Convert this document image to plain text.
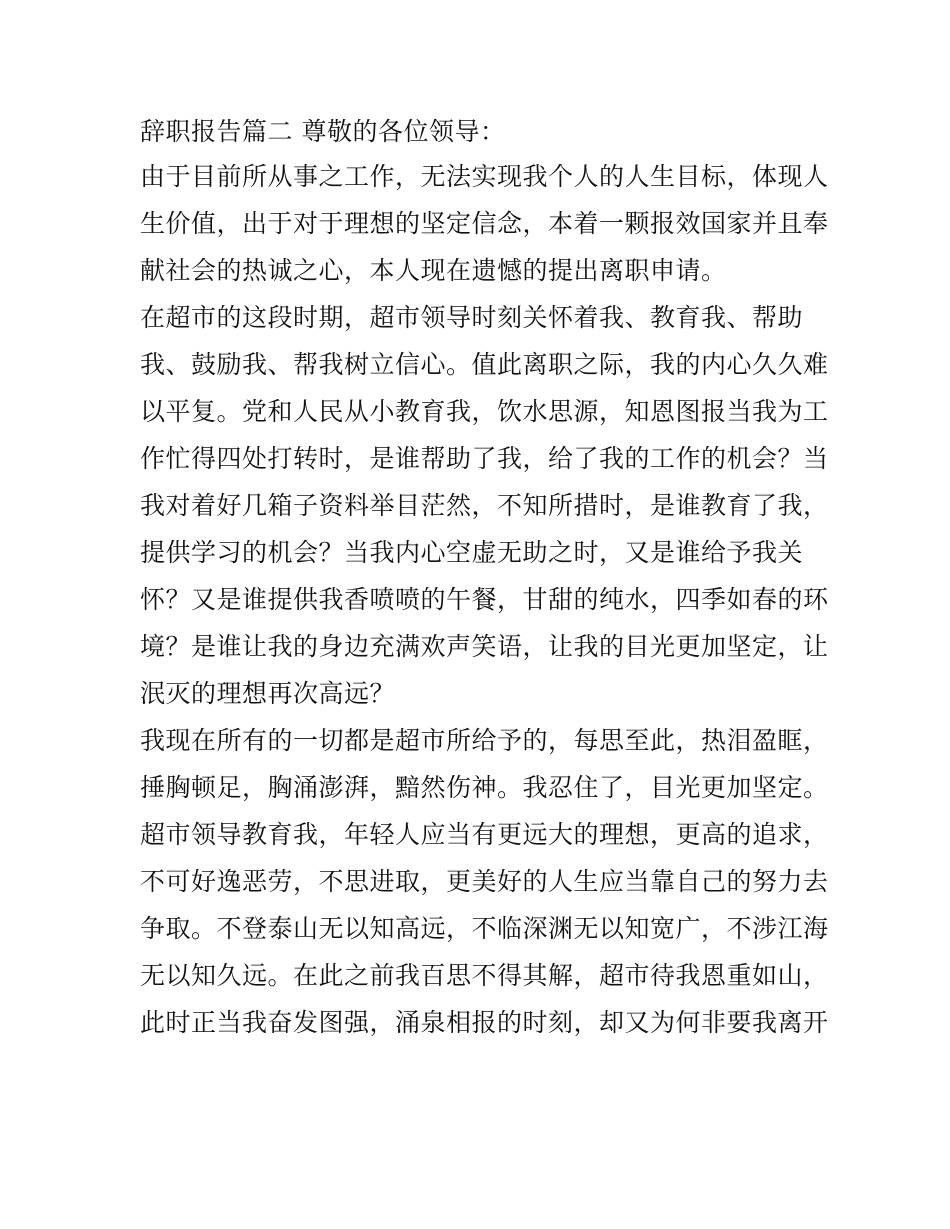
辞职报告篇二 尊敬的各位领导：

由于目前所从事之工作，无法实现我个人的人生目标，体现人

生价值，出于对于理想的坚定信念，本着一颗报效国家并且奉

献社会的热诚之心，本人现在遗憾的提出离职申请。

在超市的这段时期，超市领导时刻关怀着我、教育我、帮助

我、鼓励我、帮我树立信心。值此离职之际，我的内心久久难

以平复。党和人民从小教育我，饮水思源，知恩图报当我为工

作忙得四处打转时，是谁帮助了我，给了我的工作的机会？当

我对着好几箱子资料举目茫然，不知所措时，是谁教育了我，

提供学习的机会？当我内心空虚无助之时，又是谁给予我关

怀？又是谁提供我香喷喷的午餐，甘甜的纯水，四季如春的环

境？是谁让我的身边充满欢声笑语，让我的目光更加坚定，让

泯灭的理想再次高远？

我现在所有的一切都是超市所给予的，每思至此，热泪盈眶，

捶胸顿足，胸涌澎湃，黯然伤神。我忍住了，目光更加坚定。

超市领导教育我，年轻人应当有更远大的理想，更高的追求，

不可好逸恶劳，不思进取，更美好的人生应当靠自己的努力去

争取。不登泰山无以知高远，不临深渊无以知宽广，不涉江海

无以知久远。在此之前我百思不得其解，超市待我恩重如山，

此时正当我奋发图强，涌泉相报的时刻，却又为何非要我离开
